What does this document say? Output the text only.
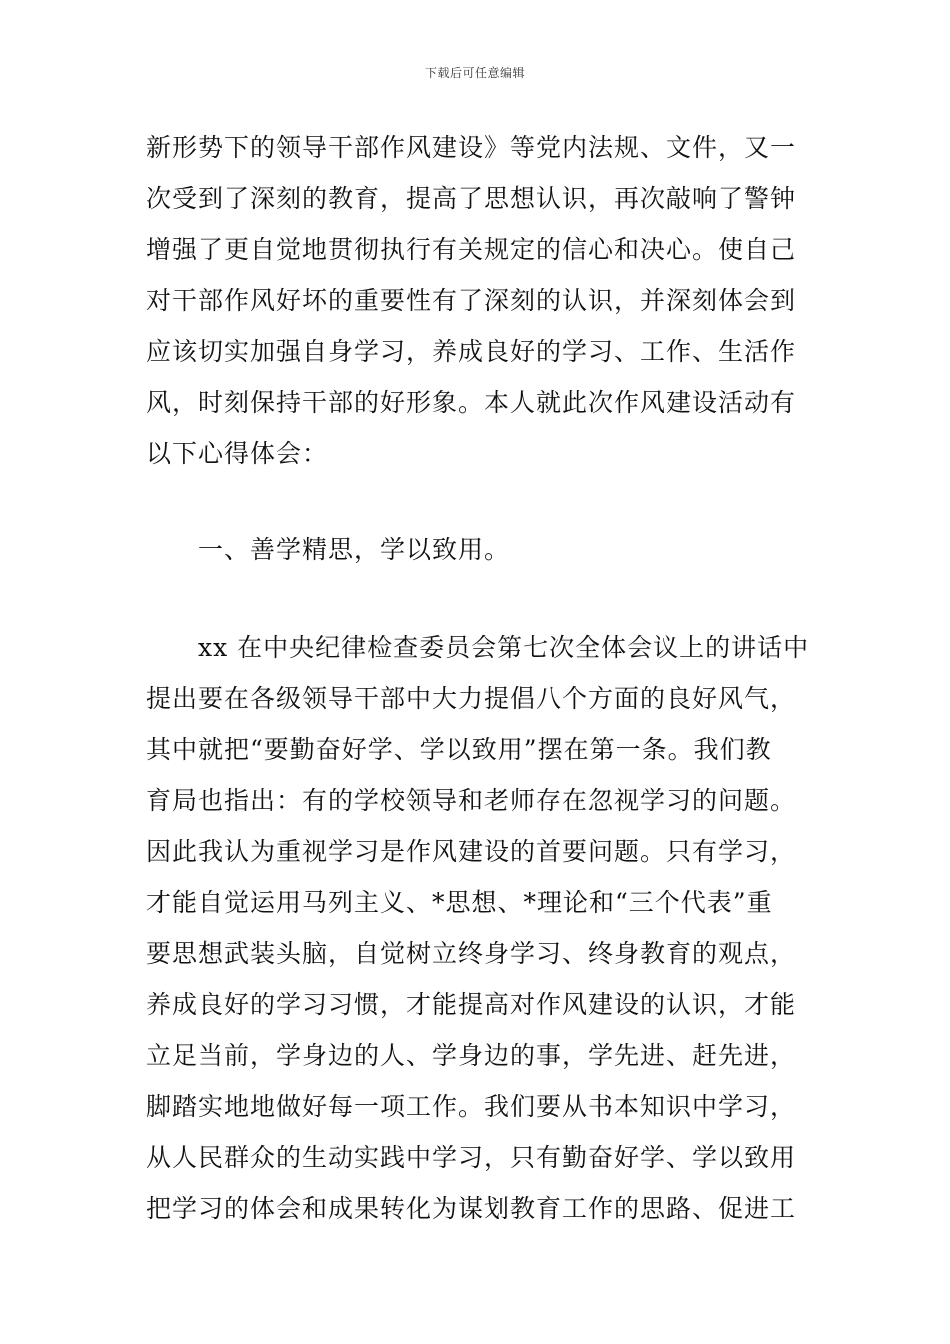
下载后可任意编辑
新形势下的领导干部作风建设》等党内法规、文件，又一
次受到了深刻的教育，提高了思想认识，再次敲响了警钟
增强了更自觉地贯彻执行有关规定的信心和决心。使自己
对干部作风好坏的重要性有了深刻的认识，并深刻体会到
应该切实加强自身学习，养成良好的学习、工作、生活作
风，时刻保持干部的好形象。本人就此次作风建设活动有
以下心得体会：
一、善学精思，学以致用。
xx 在中央纪律检查委员会第七次全体会议上的讲话中
提出要在各级领导干部中大力提倡八个方面的良好风气，
其中就把“要勤奋好学、学以致用”摆在第一条。我们教
育局也指出：有的学校领导和老师存在忽视学习的问题。
因此我认为重视学习是作风建设的首要问题。只有学习，
才能自觉运用马列主义、*思想、*理论和“三个代表”重
要思想武装头脑，自觉树立终身学习、终身教育的观点，
养成良好的学习习惯，才能提高对作风建设的认识，才能
立足当前，学身边的人、学身边的事，学先进、赶先进，
脚踏实地地做好每一项工作。我们要从书本知识中学习，
从人民群众的生动实践中学习，只有勤奋好学、学以致用
把学习的体会和成果转化为谋划教育工作的思路、促进工
